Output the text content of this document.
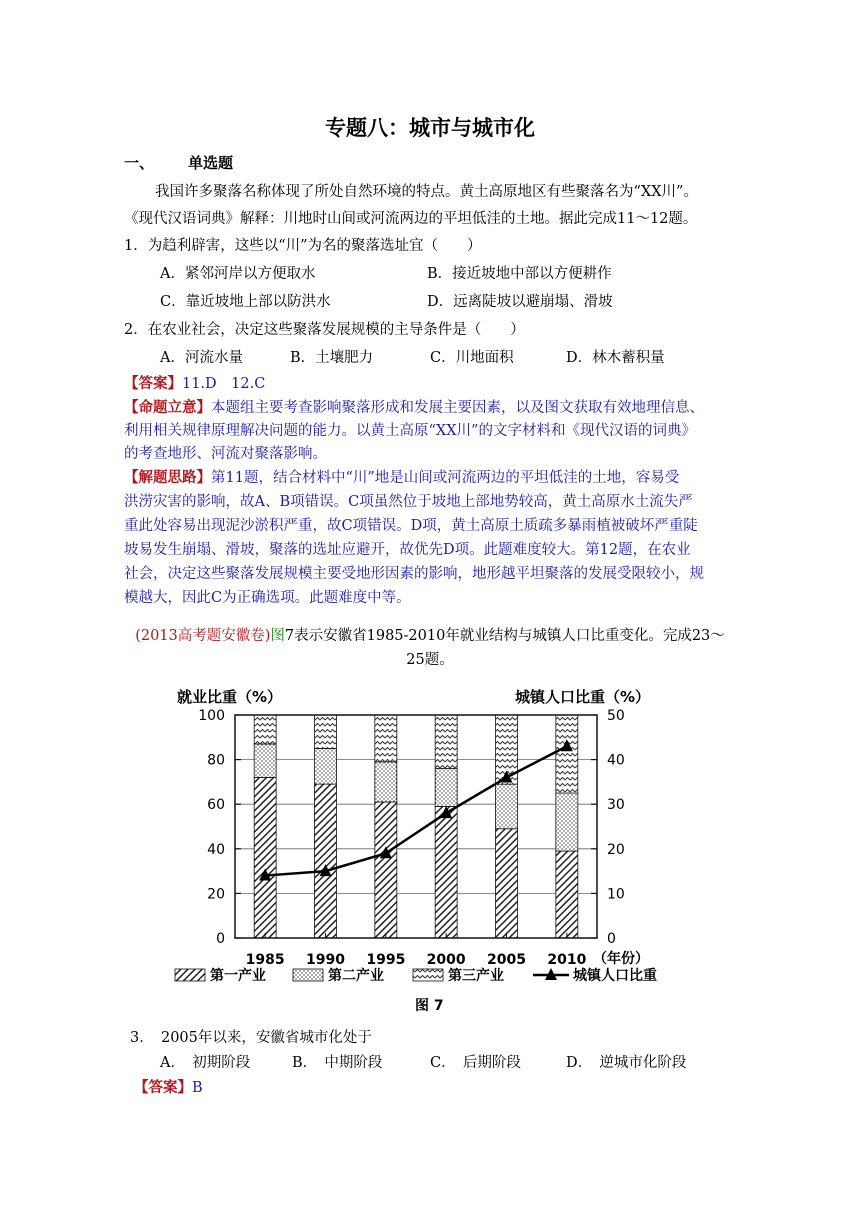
专题八：城市与城市化
一、 单选题
我国许多聚落名称体现了所处自然环境的特点。黄土高原地区有些聚落名为“XX川”。
《现代汉语词典》解释：川地时山间或河流两边的平坦低洼的土地。据此完成11～12题。
1．为趋利辟害，这些以“川”为名的聚落选址宜（　　）
A．紧邻河岸以方便取水	B．接近坡地中部以方便耕作
C．靠近坡地上部以防洪水	D．远离陡坡以避崩塌、滑坡
2．在农业社会，决定这些聚落发展规模的主导条件是（　　）
A．河流水量	B．土壤肥力	C．川地面积	D．林木蓄积量
【答案】11.D　12.C
【命题立意】本题组主要考查影响聚落形成和发展主要因素，以及图文获取有效地理信息、
利用相关规律原理解决问题的能力。以黄土高原“XX川”的文字材料和《现代汉语的词典》
的考查地形、河流对聚落影响。
【解题思路】第11题，结合材料中“川”地是山间或河流两边的平坦低洼的土地，容易受
洪涝灾害的影响，故A、B项错误。C项虽然位于坡地上部地势较高，黄土高原水土流失严
重此处容易出现泥沙淤积严重，故C项错误。D项，黄土高原土质疏多暴雨植被破坏严重陡
坡易发生崩塌、滑坡，聚落的选址应避开，故优先D项。此题难度较大。第12题，在农业
社会，决定这些聚落发展规模主要受地形因素的影响，地形越平坦聚落的发展受限较小，规
模越大，因此C为正确选项。此题难度中等。
(2013高考题安徽卷)图7表示安徽省1985-2010年就业结构与城镇人口比重变化。完成23～
25题。
就业比重（%）	城镇人口比重（%）
100
80
60
40
20
0
50
40
30
20
10
0
1985 1990 1995 2000 2005 2010 （年份）
第一产业	第二产业	第三产业	城镇人口比重
图 7
3．　2005年以来，安徽省城市化处于
A．　初期阶段	B．　中期阶段	C．　后期阶段	D．　逆城市化阶段
【答案】B
